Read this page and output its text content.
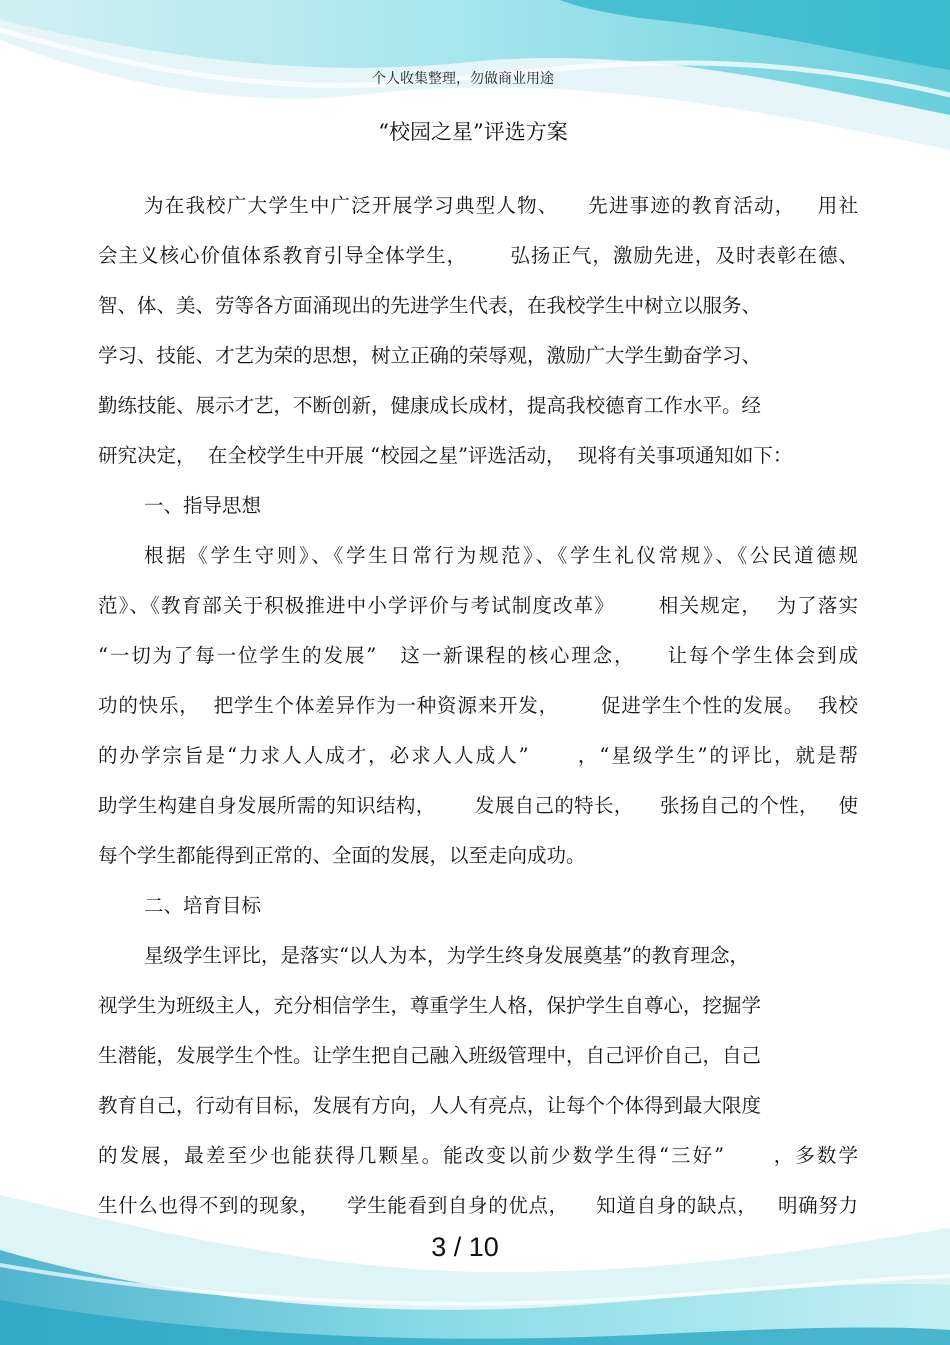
个人收集整理，勿做商业用途
“校园之星”评选方案
为在我校广大学生中广泛开展学习典型人物、    先进事迹的教育活动，   用社
会主义核心价值体系教育引导全体学生，      弘扬正气，激励先进，及时表彰在德、
智、体、美、劳等各方面涌现出的先进学生代表，在我校学生中树立以服务、
学习、技能、才艺为荣的思想，树立正确的荣辱观，激励广大学生勤奋学习、
勤练技能、展示才艺，不断创新，健康成长成材，提高我校德育工作水平。经
研究决定，  在全校学生中开展 “校园之星”评选活动，  现将有关事项通知如下：
一、指导思想
根据《学生守则》、《学生日常行为规范》、《学生礼仪常规》、《公民道德规
范》、《教育部关于积极推进中小学评价与考试制度改革》      相关规定，  为了落实
“一切为了每一位学生的发展”   这一新课程的核心理念，    让每个学生体会到成
功的快乐，  把学生个体差异作为一种资源来开发，      促进学生个性的发展。  我校
的办学宗旨是“力求人人成才，必求人人成人”      ，“星级学生”的评比，就是帮
助学生构建自身发展所需的知识结构，      发展自己的特长，    张扬自己的个性，   使
每个学生都能得到正常的、全面的发展，以至走向成功。
二、培育目标
星级学生评比，是落实“以人为本，为学生终身发展奠基”的教育理念，
视学生为班级主人，充分相信学生，尊重学生人格，保护学生自尊心，挖掘学
生潜能，发展学生个性。让学生把自己融入班级管理中，自己评价自己，自己
教育自己，行动有目标，发展有方向，人人有亮点，让每个个体得到最大限度
的发展，最差至少也能获得几颗星。能改变以前少数学生得“三好”      ，多数学
生什么也得不到的现象，    学生能看到自身的优点，    知道自身的缺点，   明确努力
3 / 10
